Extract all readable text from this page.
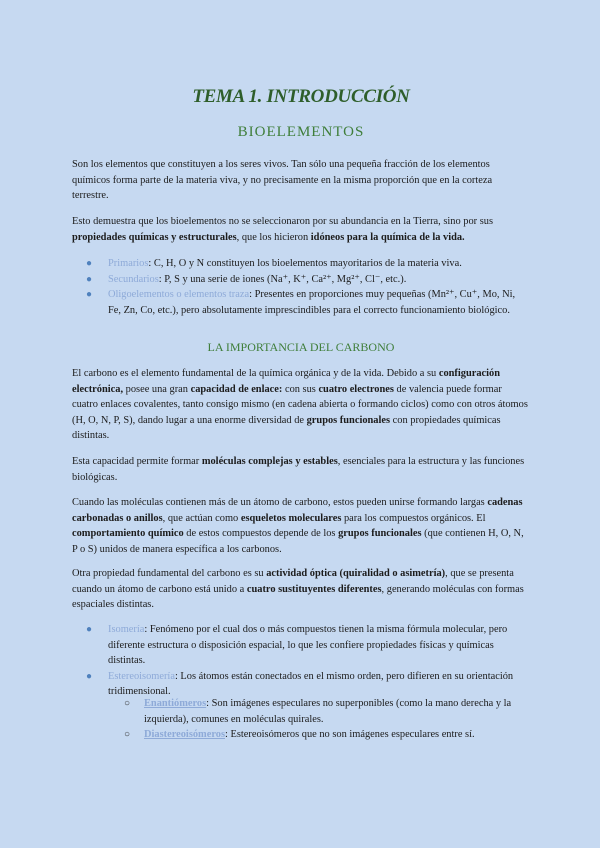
TEMA 1. INTRODUCCIÓN
BIOELEMENTOS

Son los elementos que constituyen a los seres vivos. Tan sólo una pequeña fracción de los elementos químicos forma parte de la materia viva, y no precisamente en la misma proporción que en la corteza terrestre.

Esto demuestra que los bioelementos no se seleccionaron por su abundancia en la Tierra, sino por sus propiedades químicas y estructurales, que los hicieron idóneos para la química de la vida.

● Primarios: C, H, O y N constituyen los bioelementos mayoritarios de la materia viva.
● Secundarios: P, S y una serie de iones (Na⁺, K⁺, Ca²⁺, Mg²⁺, Cl⁻, etc.).
● Oligoelementos o elementos traza: Presentes en proporciones muy pequeñas (Mn²⁺, Cu⁺, Mo, Ni, Fe, Zn, Co, etc.), pero absolutamente imprescindibles para el correcto funcionamiento biológico.
LA IMPORTANCIA DEL CARBONO

El carbono es el elemento fundamental de la química orgánica y de la vida. Debido a su configuración electrónica, posee una gran capacidad de enlace: con sus cuatro electrones de valencia puede formar cuatro enlaces covalentes, tanto consigo mismo (en cadena abierta o formando ciclos) como con otros átomos (H, O, N, P, S), dando lugar a una enorme diversidad de grupos funcionales con propiedades químicas distintas.

Esta capacidad permite formar moléculas complejas y estables, esenciales para la estructura y las funciones biológicas.

Cuando las moléculas contienen más de un átomo de carbono, estos pueden unirse formando largas cadenas carbonadas o anillos, que actúan como esqueletos moleculares para los compuestos orgánicos. El comportamiento químico de estos compuestos depende de los grupos funcionales (que contienen H, O, N, P o S) unidos de manera específica a los carbonos.

Otra propiedad fundamental del carbono es su actividad óptica (quiralidad o asimetría), que se presenta cuando un átomo de carbono está unido a cuatro sustituyentes diferentes, generando moléculas con formas espaciales distintas.

● Isomería: Fenómeno por el cual dos o más compuestos tienen la misma fórmula molecular, pero diferente estructura o disposición espacial, lo que les confiere propiedades físicas y químicas distintas.
● Estereoisomería: Los átomos están conectados en el mismo orden, pero difieren en su orientación tridimensional.
○ Enantiómeros: Son imágenes especulares no superponibles (como la mano derecha y la izquierda), comunes en moléculas quirales.
○ Diastereoisómeros: Estereoisómeros que no son imágenes especulares entre sí.
